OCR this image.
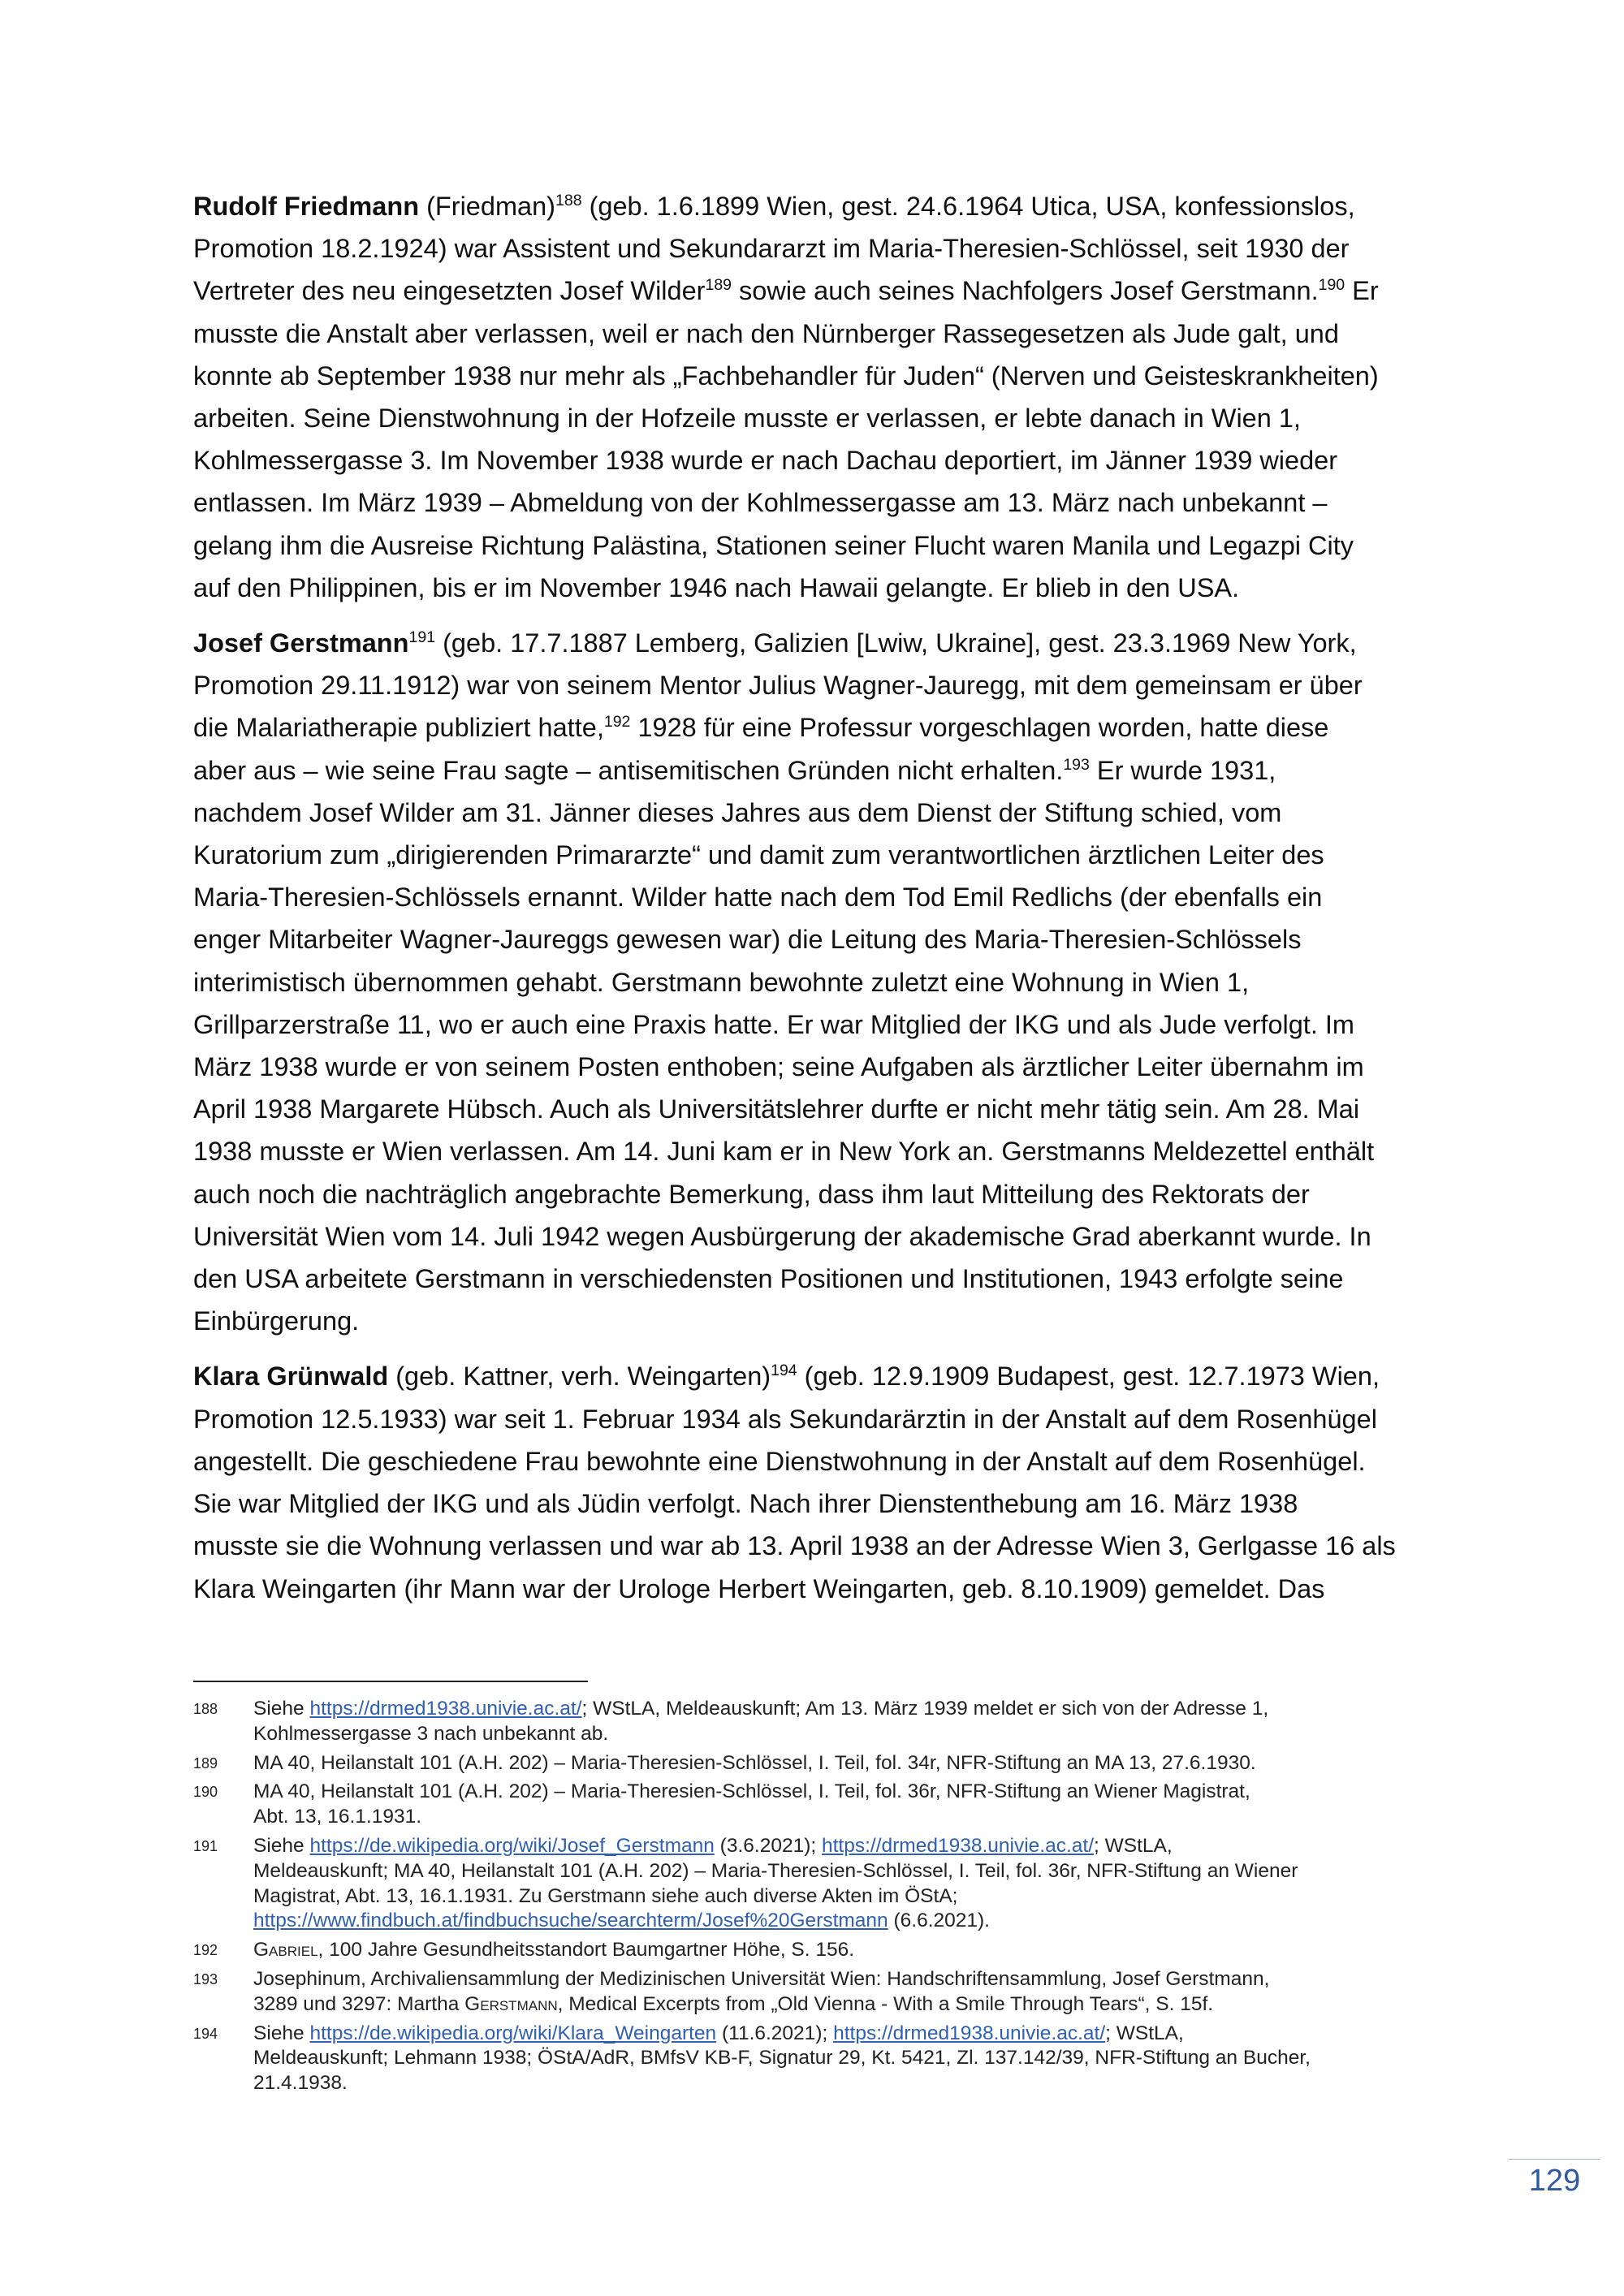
Rudolf Friedmann (Friedman)$^{188}$ (geb. 1.6.1899 Wien, gest. 24.6.1964 Utica, USA, konfessionslos,
Promotion 18.2.1924) war Assistent und Sekundararzt im Maria-Theresien-Schlössel, seit 1930 der
Vertreter des neu eingesetzten Josef Wilder$^{189}$ sowie auch seines Nachfolgers Josef Gerstmann.$^{190}$ Er
musste die Anstalt aber verlassen, weil er nach den Nürnberger Rassegesetzen als Jude galt, und
konnte ab September 1938 nur mehr als „Fachbehandler für Juden“ (Nerven und Geisteskrankheiten)
arbeiten. Seine Dienstwohnung in der Hofzeile musste er verlassen, er lebte danach in Wien 1,
Kohlmessergasse 3. Im November 1938 wurde er nach Dachau deportiert, im Jänner 1939 wieder
entlassen. Im März 1939 – Abmeldung von der Kohlmessergasse am 13. März nach unbekannt –
gelang ihm die Ausreise Richtung Palästina, Stationen seiner Flucht waren Manila und Legazpi City
auf den Philippinen, bis er im November 1946 nach Hawaii gelangte. Er blieb in den USA.

Josef Gerstmann$^{191}$ (geb. 17.7.1887 Lemberg, Galizien [Lwiw, Ukraine], gest. 23.3.1969 New York,
Promotion 29.11.1912) war von seinem Mentor Julius Wagner-Jauregg, mit dem gemeinsam er über
die Malariatherapie publiziert hatte,$^{192}$ 1928 für eine Professur vorgeschlagen worden, hatte diese
aber aus – wie seine Frau sagte – antisemitischen Gründen nicht erhalten.$^{193}$ Er wurde 1931,
nachdem Josef Wilder am 31. Jänner dieses Jahres aus dem Dienst der Stiftung schied, vom
Kuratorium zum „dirigierenden Primararzte“ und damit zum verantwortlichen ärztlichen Leiter des
Maria-Theresien-Schlössels ernannt. Wilder hatte nach dem Tod Emil Redlichs (der ebenfalls ein
enger Mitarbeiter Wagner-Jaureggs gewesen war) die Leitung des Maria-Theresien-Schlössels
interimistisch übernommen gehabt. Gerstmann bewohnte zuletzt eine Wohnung in Wien 1,
Grillparzerstraße 11, wo er auch eine Praxis hatte. Er war Mitglied der IKG und als Jude verfolgt. Im
März 1938 wurde er von seinem Posten enthoben; seine Aufgaben als ärztlicher Leiter übernahm im
April 1938 Margarete Hübsch. Auch als Universitätslehrer durfte er nicht mehr tätig sein. Am 28. Mai
1938 musste er Wien verlassen. Am 14. Juni kam er in New York an. Gerstmanns Meldezettel enthält
auch noch die nachträglich angebrachte Bemerkung, dass ihm laut Mitteilung des Rektorats der
Universität Wien vom 14. Juli 1942 wegen Ausbürgerung der akademische Grad aberkannt wurde. In
den USA arbeitete Gerstmann in verschiedensten Positionen und Institutionen, 1943 erfolgte seine
Einbürgerung.

Klara Grünwald (geb. Kattner, verh. Weingarten)$^{194}$ (geb. 12.9.1909 Budapest, gest. 12.7.1973 Wien,
Promotion 12.5.1933) war seit 1. Februar 1934 als Sekundarärztin in der Anstalt auf dem Rosenhügel
angestellt. Die geschiedene Frau bewohnte eine Dienstwohnung in der Anstalt auf dem Rosenhügel.
Sie war Mitglied der IKG und als Jüdin verfolgt. Nach ihrer Dienstenthebung am 16. März 1938
musste sie die Wohnung verlassen und war ab 13. April 1938 an der Adresse Wien 3, Gerlgasse 16 als
Klara Weingarten (ihr Mann war der Urologe Herbert Weingarten, geb. 8.10.1909) gemeldet. Das

188 Siehe https://drmed1938.univie.ac.at/; WStLA, Meldeauskunft; Am 13. März 1939 meldet er sich von der Adresse 1,
Kohlmessergasse 3 nach unbekannt ab.
189 MA 40, Heilanstalt 101 (A.H. 202) – Maria-Theresien-Schlössel, I. Teil, fol. 34r, NFR-Stiftung an MA 13, 27.6.1930.
190 MA 40, Heilanstalt 101 (A.H. 202) – Maria-Theresien-Schlössel, I. Teil, fol. 36r, NFR-Stiftung an Wiener Magistrat,
Abt. 13, 16.1.1931.
191 Siehe https://de.wikipedia.org/wiki/Josef_Gerstmann (3.6.2021); https://drmed1938.univie.ac.at/; WStLA,
Meldeauskunft; MA 40, Heilanstalt 101 (A.H. 202) – Maria-Theresien-Schlössel, I. Teil, fol. 36r, NFR-Stiftung an Wiener
Magistrat, Abt. 13, 16.1.1931. Zu Gerstmann siehe auch diverse Akten im ÖStA;
https://www.findbuch.at/findbuchsuche/searchterm/Josef%20Gerstmann (6.6.2021).
192 Gabriel, 100 Jahre Gesundheitsstandort Baumgartner Höhe, S. 156.
193 Josephinum, Archivaliensammlung der Medizinischen Universität Wien: Handschriftensammlung, Josef Gerstmann,
3289 und 3297: Martha Gerstmann, Medical Excerpts from „Old Vienna - With a Smile Through Tears“, S. 15f.
194 Siehe https://de.wikipedia.org/wiki/Klara_Weingarten (11.6.2021); https://drmed1938.univie.ac.at/; WStLA,
Meldeauskunft; Lehmann 1938; ÖStA/AdR, BMfsV KB-F, Signatur 29, Kt. 5421, Zl. 137.142/39, NFR-Stiftung an Bucher,
21.4.1938.
129
